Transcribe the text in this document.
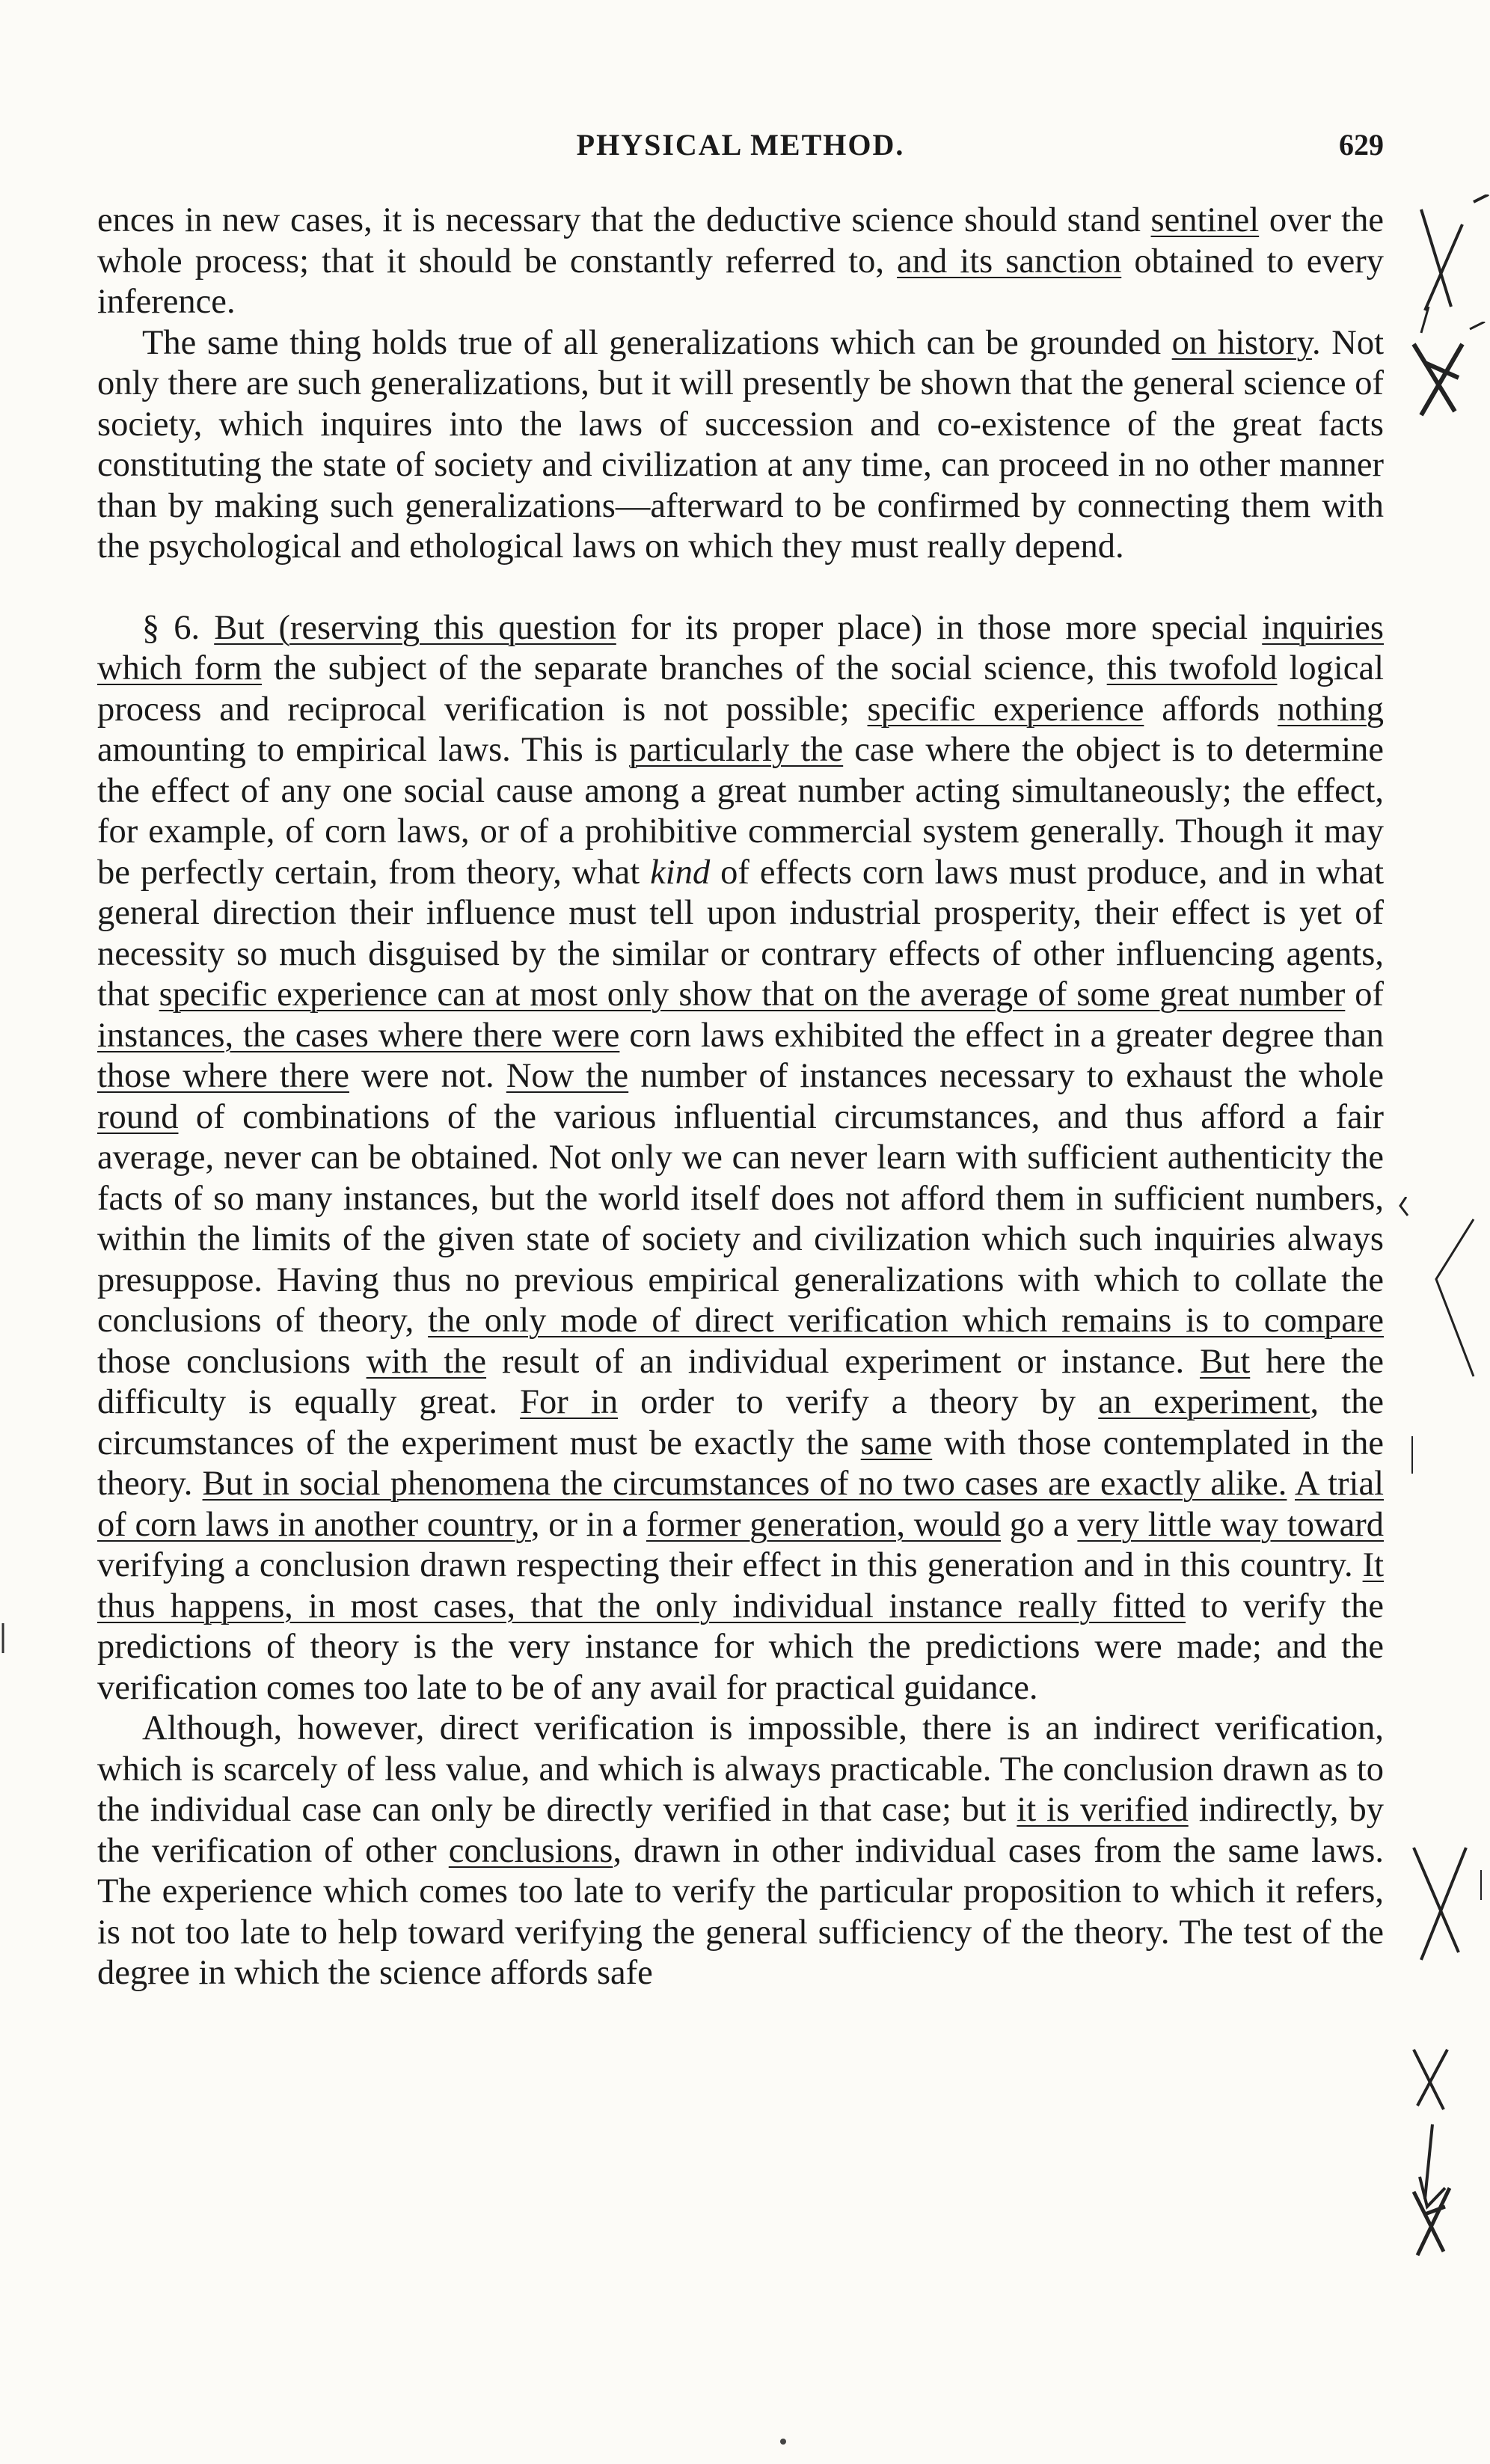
PHYSICAL METHOD.	629

ences in new cases, it is necessary that the deductive science should stand sentinel over the whole process; that it should be constantly referred to, and its sanction obtained to every inference.

The same thing holds true of all generalizations which can be grounded on history. Not only there are such generalizations, but it will presently be shown that the general science of society, which inquires into the laws of succession and co-existence of the great facts constituting the state of society and civilization at any time, can proceed in no other manner than by making such generalizations—afterward to be confirmed by connecting them with the psychological and ethological laws on which they must really depend.

§ 6. But (reserving this question for its proper place) in those more special inquiries which form the subject of the separate branches of the social science, this twofold logical process and reciprocal verification is not possible; specific experience affords nothing amounting to empirical laws. This is particularly the case where the object is to determine the effect of any one social cause among a great number acting simultaneously; the effect, for example, of corn laws, or of a prohibitive commercial system generally. Though it may be perfectly certain, from theory, what kind of effects corn laws must produce, and in what general direction their influence must tell upon industrial prosperity, their effect is yet of necessity so much disguised by the similar or contrary effects of other influencing agents, that specific experience can at most only show that on the average of some great number of instances, the cases where there were corn laws exhibited the effect in a greater degree than those where there were not. Now the number of instances necessary to exhaust the whole round of combinations of the various influential circumstances, and thus afford a fair average, never can be obtained. Not only we can never learn with sufficient authenticity the facts of so many instances, but the world itself does not afford them in sufficient numbers, within the limits of the given state of society and civilization which such inquiries always presuppose. Having thus no previous empirical generalizations with which to collate the conclusions of theory, the only mode of direct verification which remains is to compare those conclusions with the result of an individual experiment or instance. But here the difficulty is equally great. For in order to verify a theory by an experiment, the circumstances of the experiment must be exactly the same with those contemplated in the theory. But in social phenomena the circumstances of no two cases are exactly alike. A trial of corn laws in another country, or in a former generation, would go a very little way toward verifying a conclusion drawn respecting their effect in this generation and in this country. It thus happens, in most cases, that the only individual instance really fitted to verify the predictions of theory is the very instance for which the predictions were made; and the verification comes too late to be of any avail for practical guidance.

Although, however, direct verification is impossible, there is an indirect verification, which is scarcely of less value, and which is always practicable. The conclusion drawn as to the individual case can only be directly verified in that case; but it is verified indirectly, by the verification of other conclusions, drawn in other individual cases from the same laws. The experience which comes too late to verify the particular proposition to which it refers, is not too late to help toward verifying the general sufficiency of the theory. The test of the degree in which the science affords safe
